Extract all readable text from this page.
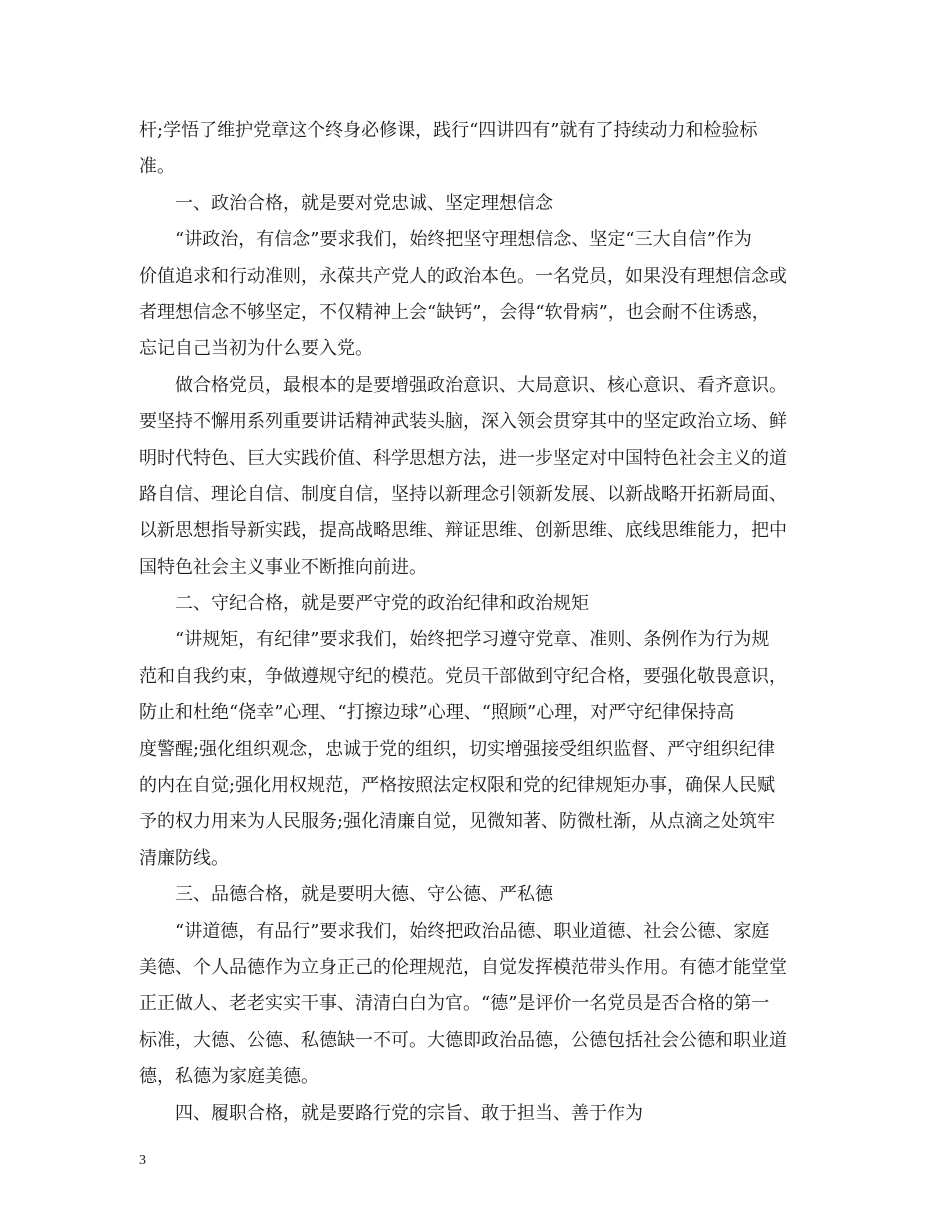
杆;学悟了维护党章这个终身必修课，践行“四讲四有”就有了持续动力和检验标
准。
一、政治合格，就是要对党忠诚、坚定理想信念
“讲政治，有信念”要求我们，始终把坚守理想信念、坚定“三大自信”作为
价值追求和行动准则，永葆共产党人的政治本色。一名党员，如果没有理想信念或
者理想信念不够坚定，不仅精神上会“缺钙”，会得“软骨病”，也会耐不住诱惑，
忘记自己当初为什么要入党。
做合格党员，最根本的是要增强政治意识、大局意识、核心意识、看齐意识。
要坚持不懈用系列重要讲话精神武装头脑，深入领会贯穿其中的坚定政治立场、鲜
明时代特色、巨大实践价值、科学思想方法，进一步坚定对中国特色社会主义的道
路自信、理论自信、制度自信，坚持以新理念引领新发展、以新战略开拓新局面、
以新思想指导新实践，提高战略思维、辩证思维、创新思维、底线思维能力，把中
国特色社会主义事业不断推向前进。
二、守纪合格，就是要严守党的政治纪律和政治规矩
“讲规矩，有纪律”要求我们，始终把学习遵守党章、准则、条例作为行为规
范和自我约束，争做遵规守纪的模范。党员干部做到守纪合格，要强化敬畏意识，
防止和杜绝“侥幸”心理、“打擦边球”心理、“照顾”心理，对严守纪律保持高
度警醒;强化组织观念，忠诚于党的组织，切实增强接受组织监督、严守组织纪律
的内在自觉;强化用权规范，严格按照法定权限和党的纪律规矩办事，确保人民赋
予的权力用来为人民服务;强化清廉自觉，见微知著、防微杜渐，从点滴之处筑牢
清廉防线。
三、品德合格，就是要明大德、守公德、严私德
“讲道德，有品行”要求我们，始终把政治品德、职业道德、社会公德、家庭
美德、个人品德作为立身正己的伦理规范，自觉发挥模范带头作用。有德才能堂堂
正正做人、老老实实干事、清清白白为官。“德”是评价一名党员是否合格的第一
标准，大德、公德、私德缺一不可。大德即政治品德，公德包括社会公德和职业道
德，私德为家庭美德。
四、履职合格，就是要路行党的宗旨、敢于担当、善于作为
3
